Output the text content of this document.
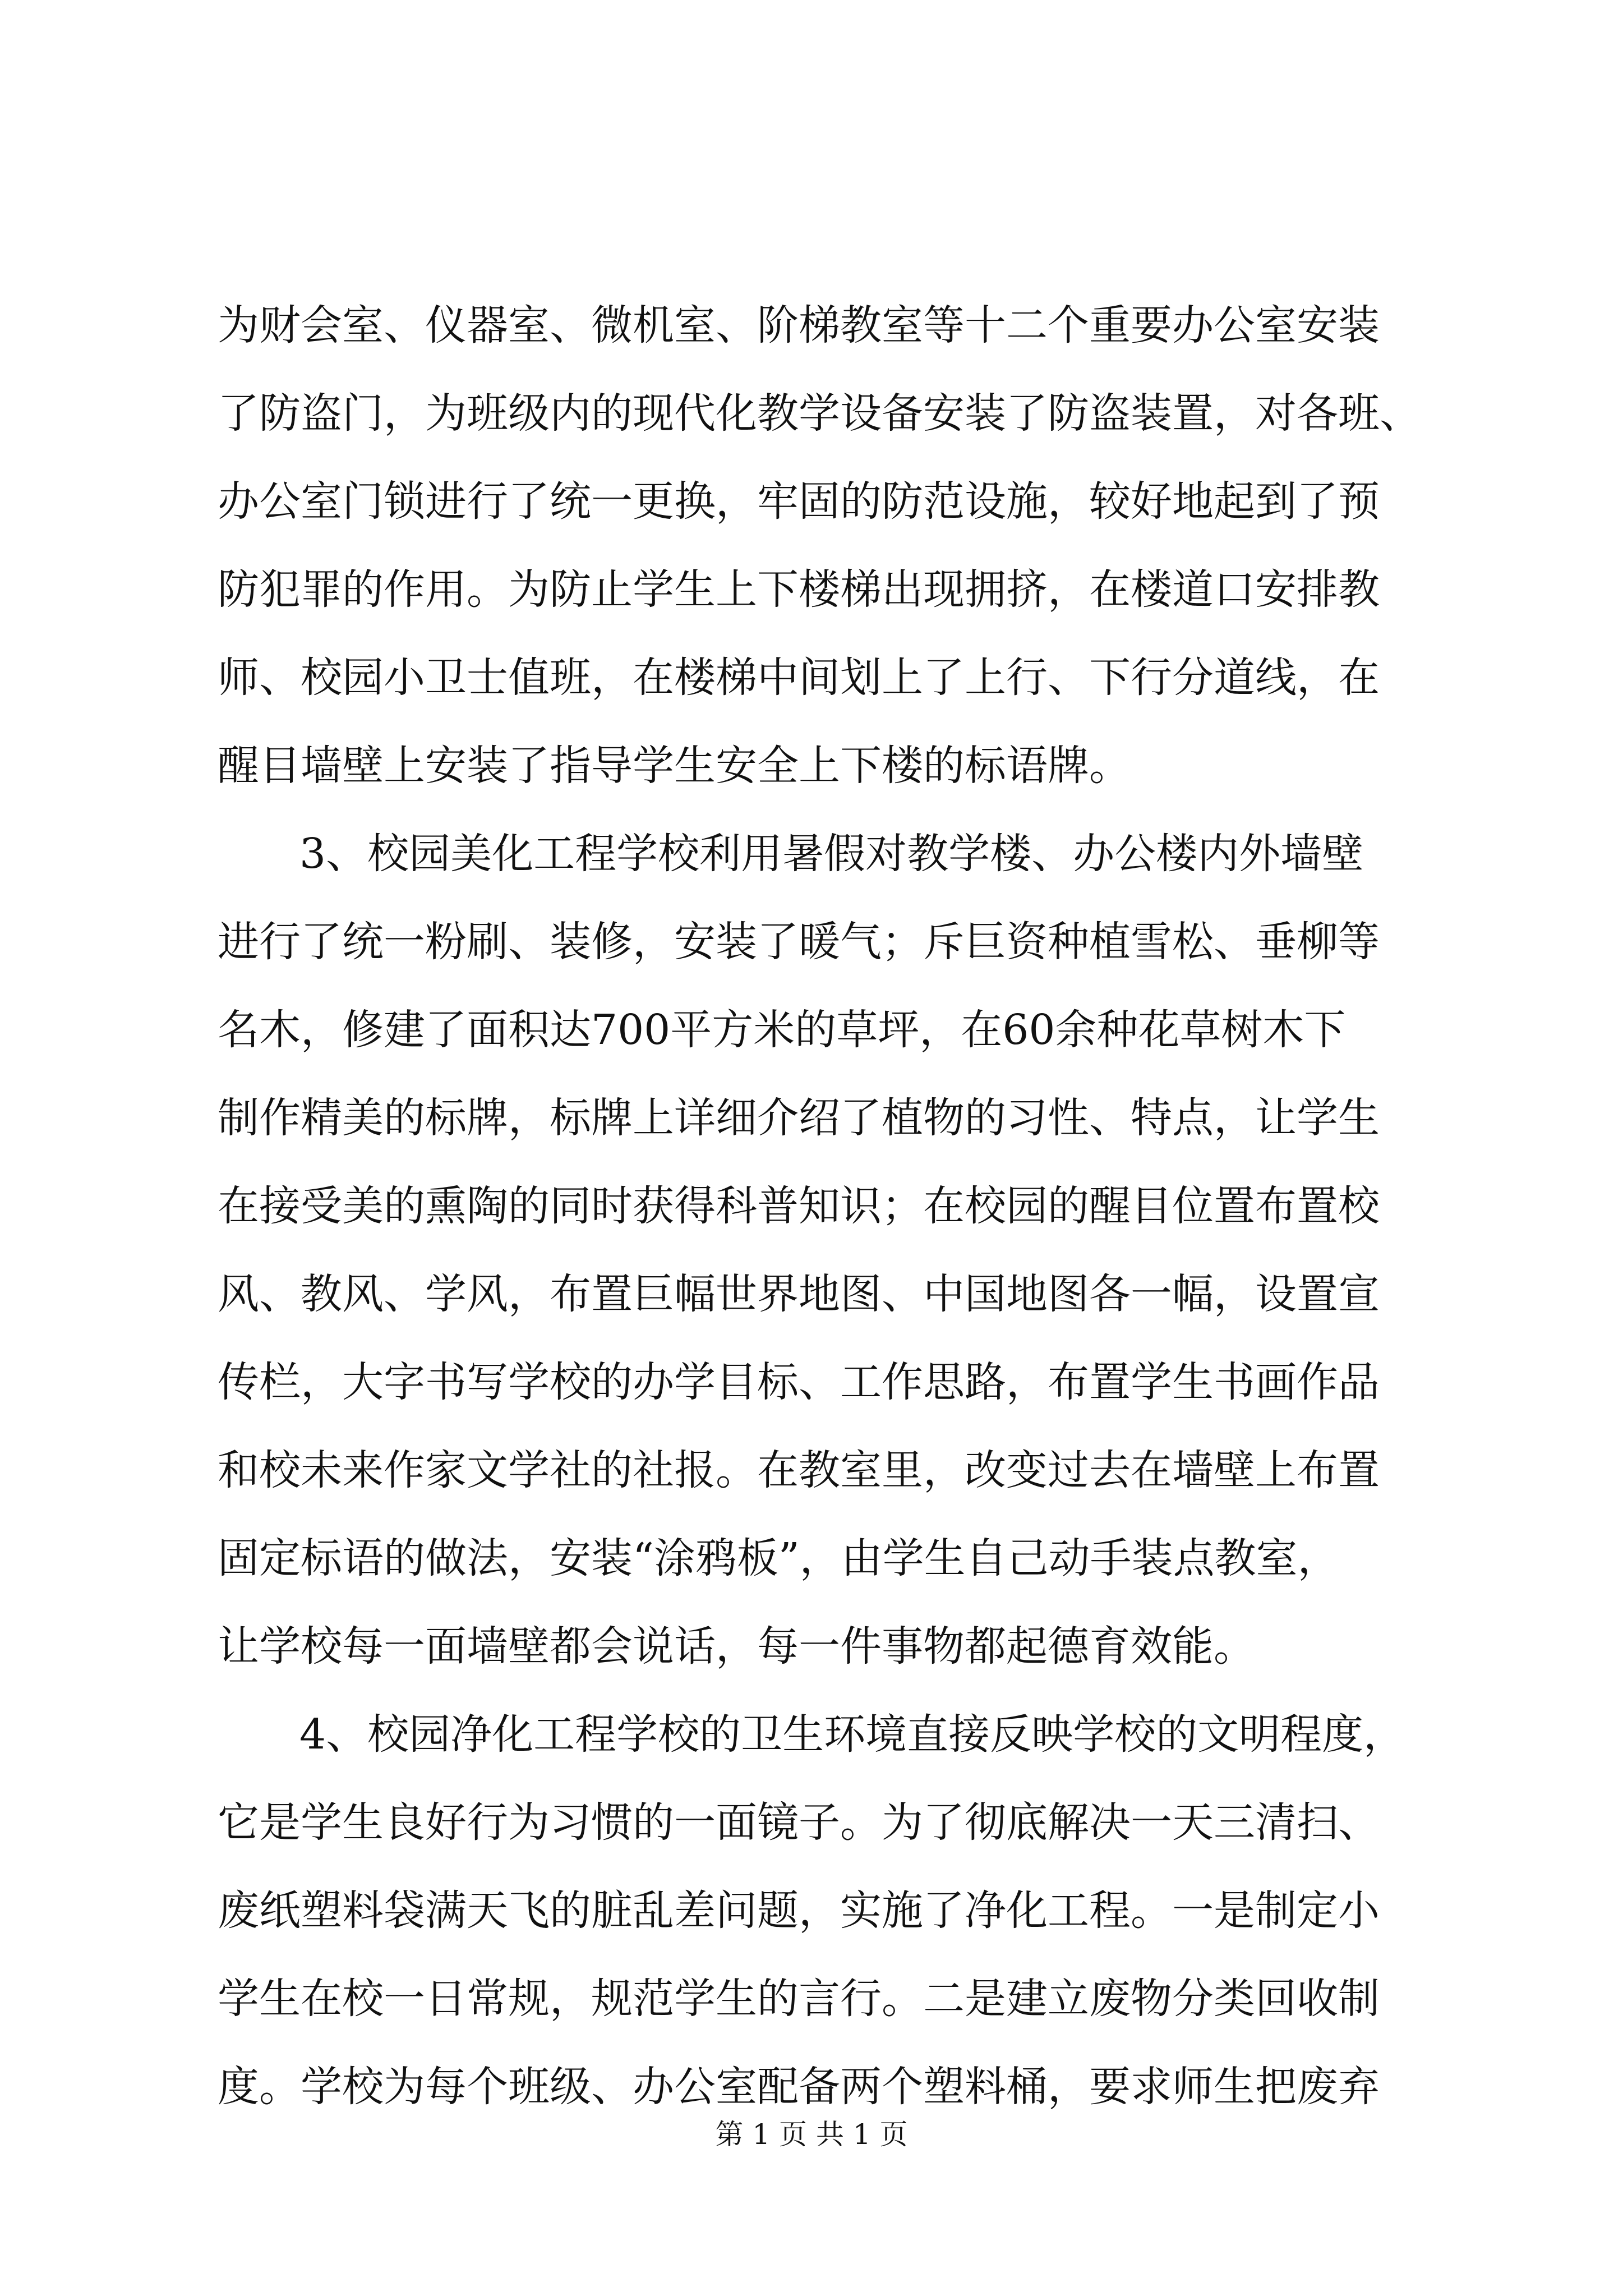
为财会室、仪器室、微机室、阶梯教室等十二个重要办公室安装
了防盗门，为班级内的现代化教学设备安装了防盗装置，对各班、
办公室门锁进行了统一更换，牢固的防范设施，较好地起到了预
防犯罪的作用。为防止学生上下楼梯出现拥挤，在楼道口安排教
师、校园小卫士值班，在楼梯中间划上了上行、下行分道线，在
醒目墙壁上安装了指导学生安全上下楼的标语牌。
3、校园美化工程学校利用暑假对教学楼、办公楼内外墙壁
进行了统一粉刷、装修，安装了暖气；斥巨资种植雪松、垂柳等
名木，修建了面积达700平方米的草坪，在60余种花草树木下
制作精美的标牌，标牌上详细介绍了植物的习性、特点，让学生
在接受美的熏陶的同时获得科普知识；在校园的醒目位置布置校
风、教风、学风，布置巨幅世界地图、中国地图各一幅，设置宣
传栏，大字书写学校的办学目标、工作思路，布置学生书画作品
和校未来作家文学社的社报。在教室里，改变过去在墙壁上布置
固定标语的做法，安装“涂鸦板”，由学生自己动手装点教室，
让学校每一面墙壁都会说话，每一件事物都起德育效能。
4、校园净化工程学校的卫生环境直接反映学校的文明程度，
它是学生良好行为习惯的一面镜子。为了彻底解决一天三清扫、
废纸塑料袋满天飞的脏乱差问题，实施了净化工程。一是制定小
学生在校一日常规，规范学生的言行。二是建立废物分类回收制
度。学校为每个班级、办公室配备两个塑料桶，要求师生把废弃
第 1 页 共 1 页
